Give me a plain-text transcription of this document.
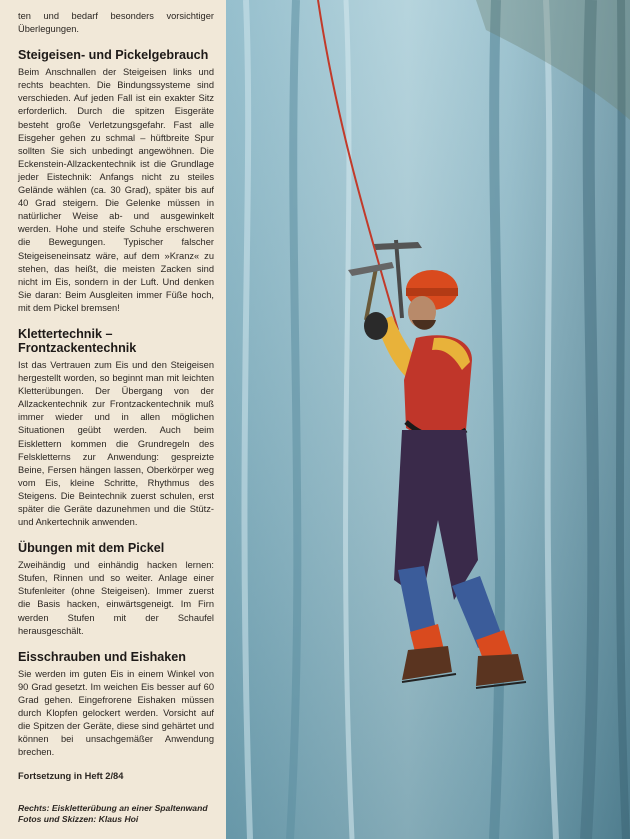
ten und bedarf besonders vorsichtiger Überlegungen.

Steigeisen- und Pickelgebrauch

Beim Anschnallen der Steigeisen links und rechts beachten. Die Bindungssysteme sind verschieden. Auf jeden Fall ist ein exakter Sitz erforderlich. Durch die spitzen Eisgeräte besteht große Verletzungsgefahr. Fast alle Eisgeher gehen zu schmal – hüftbreite Spur sollten Sie sich unbedingt angewöhnen. Die Eckenstein-Allzackentechnik ist die Grundlage jeder Eistechnik: Anfangs nicht zu steiles Gelände wählen (ca. 30 Grad), später bis auf 40 Grad steigern. Die Gelenke müssen in natürlicher Weise ab- und ausgewinkelt werden. Hohe und steife Schuhe erschweren die Bewegungen. Typischer falscher Steigeiseneinsatz wäre, auf dem »Kranz« zu stehen, das heißt, die meisten Zacken sind nicht im Eis, sondern in der Luft. Und denken Sie daran: Beim Ausgleiten immer Füße hoch, mit dem Pickel bremsen!

Klettertechnik – Frontzackentechnik

Ist das Vertrauen zum Eis und den Steigeisen hergestellt worden, so beginnt man mit leichten Kletterübungen. Der Übergang von der Allzackentechnik zur Frontzackentechnik muß immer wieder und in allen möglichen Situationen geübt werden. Auch beim Eisklettern kommen die Grundregeln des Felskletterns zur Anwendung: gespreizte Beine, Fersen hängen lassen, Oberkörper weg vom Eis, kleine Schritte, Rhythmus des Steigens. Die Beintechnik zuerst schulen, erst später die Geräte dazunehmen und die Stütz- und Ankertechnik anwenden.

Übungen mit dem Pickel

Zweihändig und einhändig hacken lernen: Stufen, Rinnen und so weiter. Anlage einer Stufenleiter (ohne Steigeisen). Immer zuerst die Basis hacken, einwärtsgeneigt. Im Firn werden Stufen mit der Schaufel herausgeschält.

Eisschrauben und Eishaken

Sie werden im guten Eis in einem Winkel von 90 Grad gesetzt. Im weichen Eis besser auf 60 Grad gehen. Eingefrorene Eishaken müssen durch Klopfen gelockert werden. Vorsicht auf die Spitzen der Geräte, diese sind gehärtet und können bei unsachgemäßer Anwendung brechen.

Fortsetzung in Heft 2/84

Rechts: Eiskletterübung an einer Spaltenwand
Fotos und Skizzen: Klaus Hoi
